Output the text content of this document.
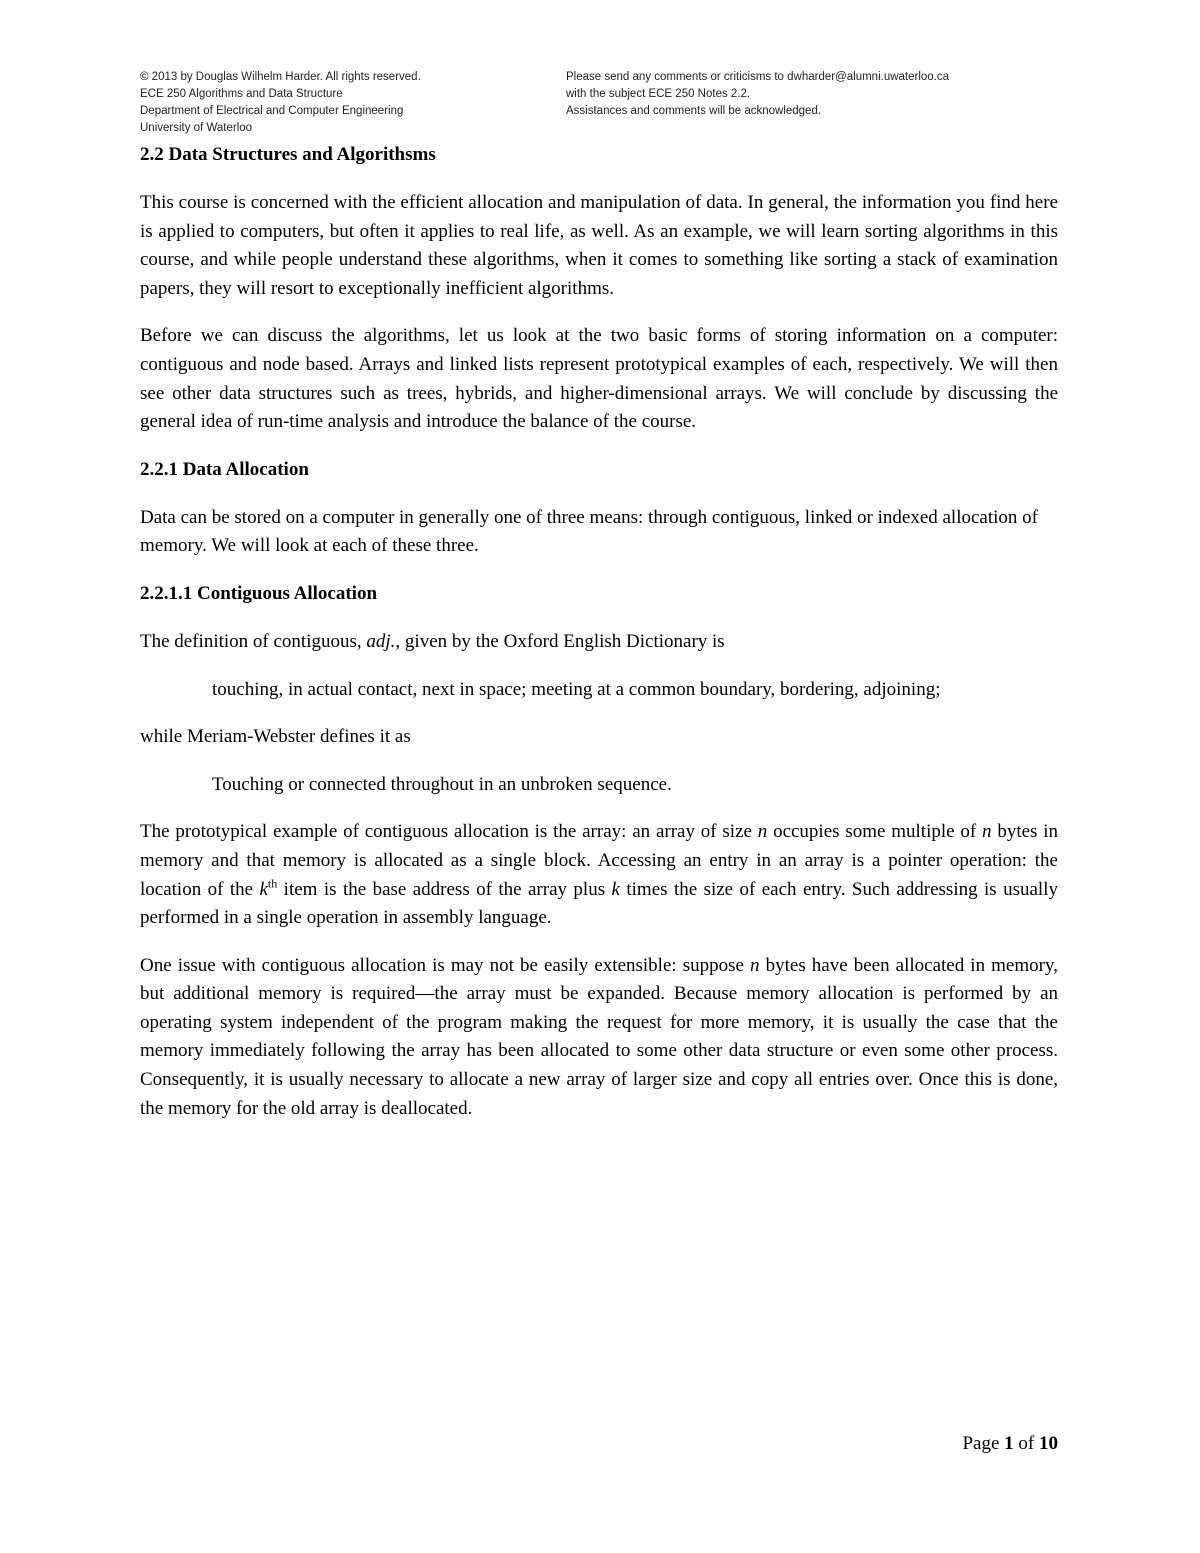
© 2013 by Douglas Wilhelm Harder. All rights reserved.
ECE 250 Algorithms and Data Structure
Department of Electrical and Computer Engineering
University of Waterloo
Please send any comments or criticisms to dwharder@alumni.uwaterloo.ca
with the subject ECE 250 Notes 2.2.
Assistances and comments will be acknowledged.
2.2 Data Structures and Algorithsms

This course is concerned with the efficient allocation and manipulation of data. In general, the information you find here is applied to computers, but often it applies to real life, as well. As an example, we will learn sorting algorithms in this course, and while people understand these algorithms, when it comes to something like sorting a stack of examination papers, they will resort to exceptionally inefficient algorithms.

Before we can discuss the algorithms, let us look at the two basic forms of storing information on a computer: contiguous and node based. Arrays and linked lists represent prototypical examples of each, respectively. We will then see other data structures such as trees, hybrids, and higher-dimensional arrays. We will conclude by discussing the general idea of run-time analysis and introduce the balance of the course.

2.2.1 Data Allocation

Data can be stored on a computer in generally one of three means: through contiguous, linked or indexed allocation of memory. We will look at each of these three.

2.2.1.1 Contiguous Allocation

The definition of contiguous, adj., given by the Oxford English Dictionary is

touching, in actual contact, next in space; meeting at a common boundary, bordering, adjoining;

while Meriam-Webster defines it as

Touching or connected throughout in an unbroken sequence.

The prototypical example of contiguous allocation is the array: an array of size n occupies some multiple of n bytes in memory and that memory is allocated as a single block. Accessing an entry in an array is a pointer operation: the location of the $k^{th}$ item is the base address of the array plus k times the size of each entry. Such addressing is usually performed in a single operation in assembly language.

One issue with contiguous allocation is may not be easily extensible: suppose n bytes have been allocated in memory, but additional memory is required—the array must be expanded. Because memory allocation is performed by an operating system independent of the program making the request for more memory, it is usually the case that the memory immediately following the array has been allocated to some other data structure or even some other process. Consequently, it is usually necessary to allocate a new array of larger size and copy all entries over. Once this is done, the memory for the old array is deallocated.

Page 1 of 10
